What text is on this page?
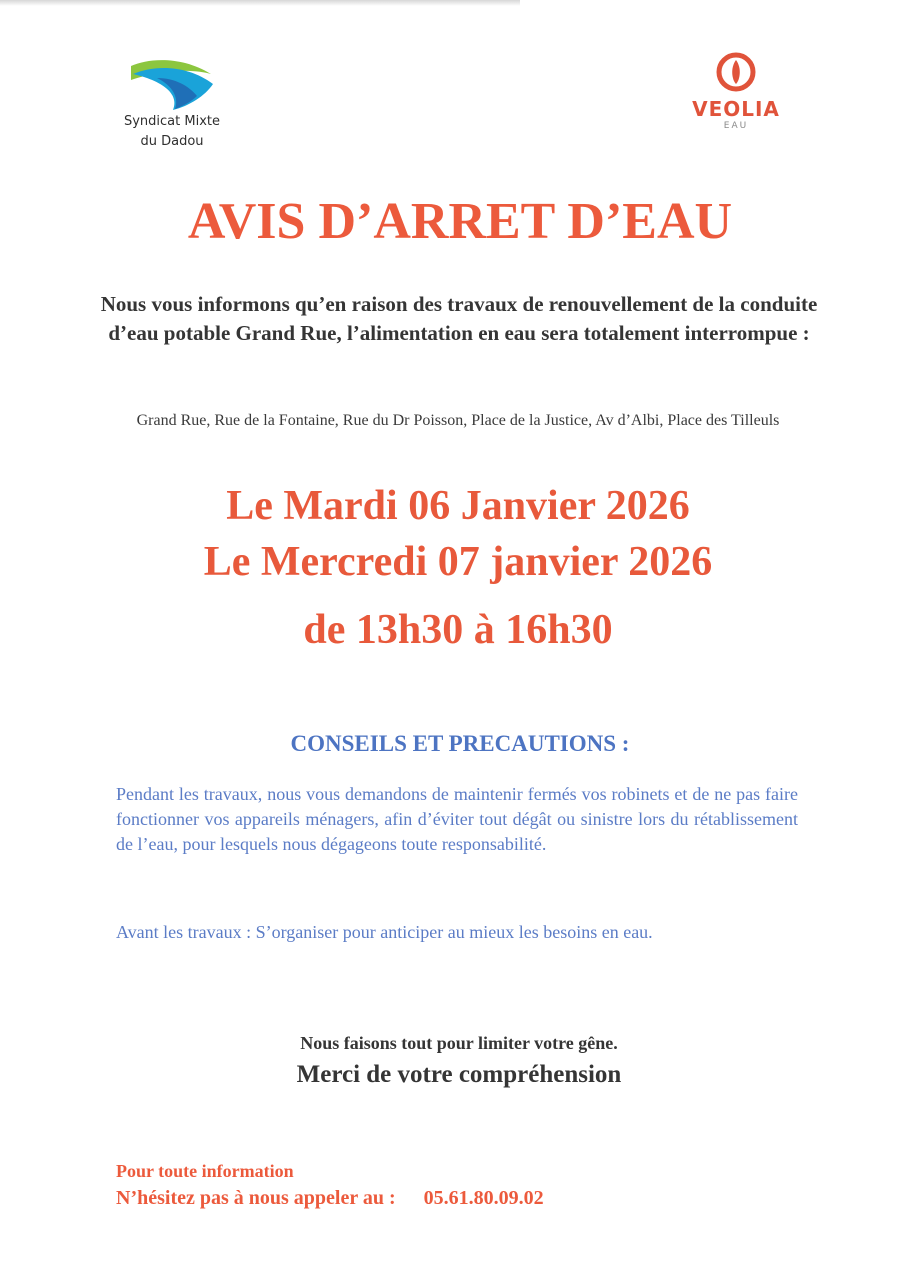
Syndicat Mixte
du Dadou
VEOLIA
EAU
AVIS D’ARRET D’EAU
Nous vous informons qu’en raison des travaux de renouvellement de la conduite d’eau potable Grand Rue, l’alimentation en eau sera totalement interrompue :
Grand Rue, Rue de la Fontaine, Rue du Dr Poisson, Place de la Justice, Av d’Albi, Place des Tilleuls
Le Mardi 06 Janvier 2026
Le Mercredi 07 janvier 2026
de 13h30 à 16h30
CONSEILS ET PRECAUTIONS :
Pendant les travaux, nous vous demandons de maintenir fermés vos robinets et de ne pas faire fonctionner vos appareils ménagers, afin d’éviter tout dégât ou sinistre lors du rétablissement de l’eau, pour lesquels nous dégageons toute responsabilité.
Avant les travaux : S’organiser pour anticiper au mieux les besoins en eau.
Nous faisons tout pour limiter votre gêne.
Merci de votre compréhension
Pour toute information
N’hésitez pas à nous appeler au : 05.61.80.09.02
